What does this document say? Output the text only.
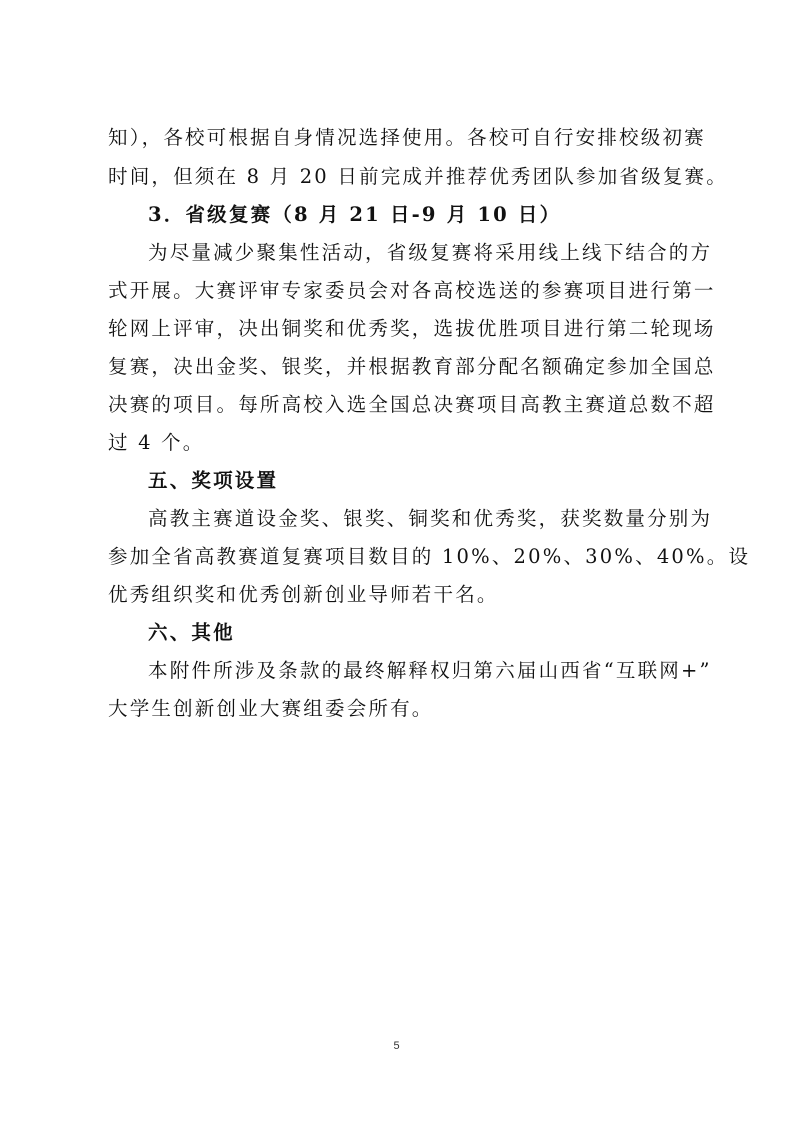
知），各校可根据自身情况选择使用。各校可自行安排校级初赛
时间，但须在 8 月 20 日前完成并推荐优秀团队参加省级复赛。
3．省级复赛（8 月 21 日-9 月 10 日）
为尽量减少聚集性活动，省级复赛将采用线上线下结合的方
式开展。大赛评审专家委员会对各高校选送的参赛项目进行第一
轮网上评审，决出铜奖和优秀奖，选拔优胜项目进行第二轮现场
复赛，决出金奖、银奖，并根据教育部分配名额确定参加全国总
决赛的项目。每所高校入选全国总决赛项目高教主赛道总数不超
过 4 个。
五、奖项设置
高教主赛道设金奖、银奖、铜奖和优秀奖，获奖数量分别为
参加全省高教赛道复赛项目数目的 10%、20%、30%、40%。设
优秀组织奖和优秀创新创业导师若干名。
六、其他
本附件所涉及条款的最终解释权归第六届山西省“互联网+”
大学生创新创业大赛组委会所有。
5
